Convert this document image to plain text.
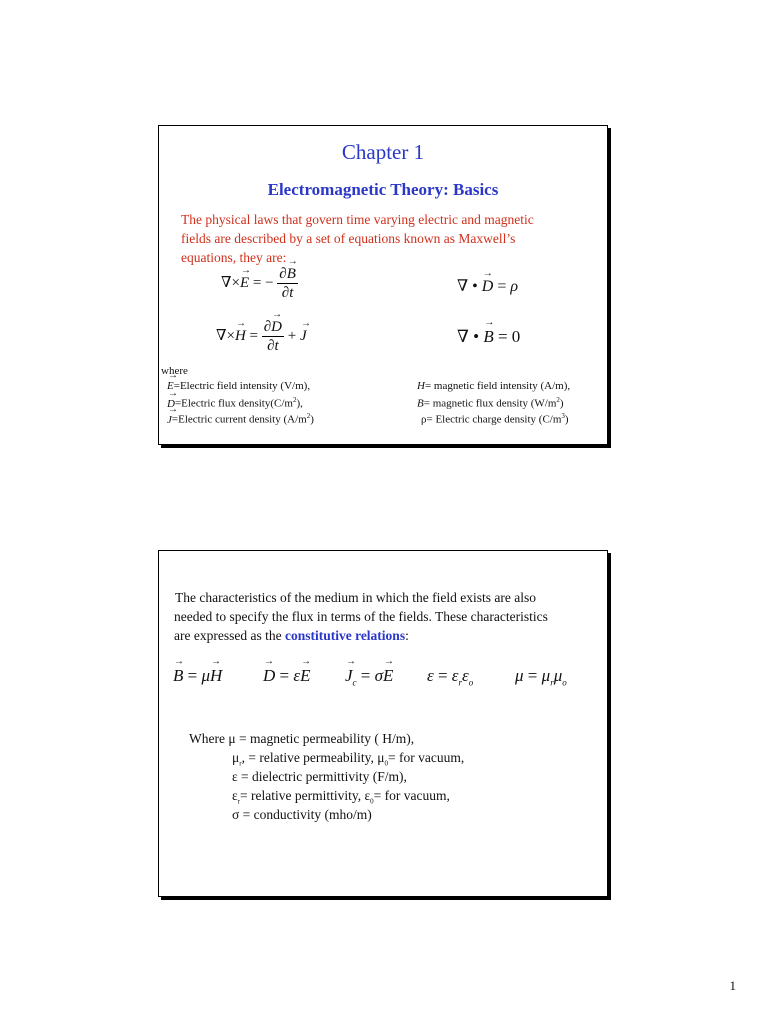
Chapter 1
Electromagnetic Theory: Basics
The physical laws that govern time varying electric and magnetic
fields are described by a set of equations known as Maxwell’s
equations, they are:
∇×→ E = − $\frac{\partial\to B}{\partial t}$	∇ • → D = ρ
∇×→ $H = \frac{\partial\to D}{\partial t}$ + → J	∇ • → B = 0
where
→ E=Electric field intensity (V/m),
→ D=Electric flux $density(C/m^2)$,
→ J=Electric current density $(A/m^2)$
H= magnetic field intensity (A/m),
B= magnetic flux density $(W/m^2)$
ρ= Electric charge density $(C/m^3)$
The characteristics of the medium in which the field exists are also
needed to specify the flux in terms of the fields. These characteristics
are expressed as the constitutive relations:
→ B = μ→ H
→ D = ε→ E
→ $J_c = \sigma\to E$ $\varepsilon = \varepsilon_r\varepsilon_o$ $\mu = \mu_r\mu_o$
Where μ = magnetic permeability ( H/m),
$\mu_r$, = relative permeability, $\mu_0=$ for vacuum,
ε = dielectric permittivity (F/m),
$\varepsilon_r=$ relative permittivity, $\varepsilon_0=$ for vacuum,
σ = conductivity (mho/m)
1
